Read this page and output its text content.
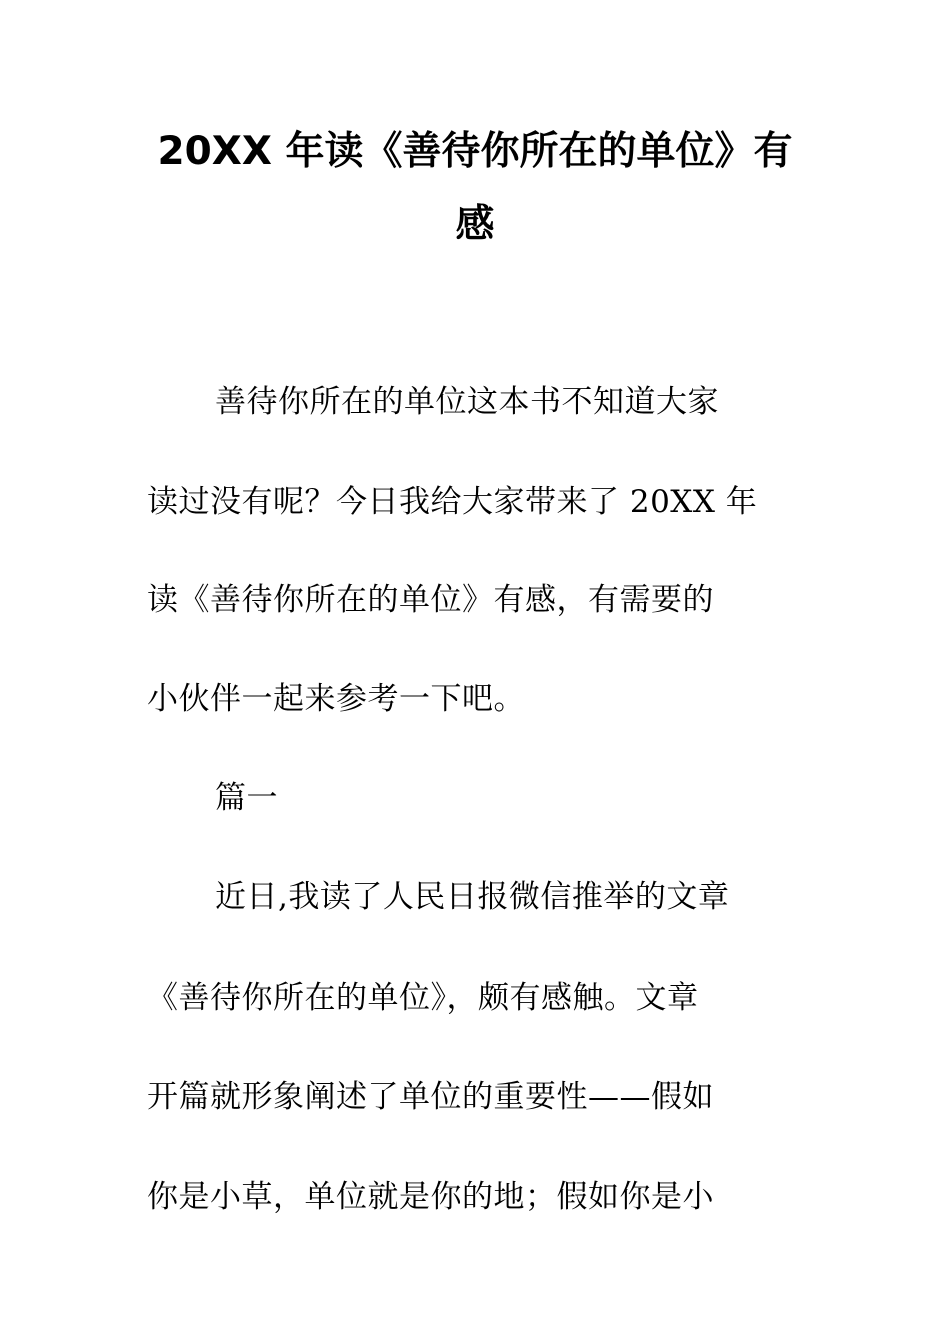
20XX 年读《善待你所在的单位》有
感
善待你所在的单位这本书不知道大家
读过没有呢？今日我给大家带来了 20XX 年
读《善待你所在的单位》有感，有需要的
小伙伴一起来参考一下吧。
篇一
近日,我读了人民日报微信推举的文章
《善待你所在的单位》，颇有感触。文章
开篇就形象阐述了单位的重要性——假如
你是小草，单位就是你的地；假如你是小
